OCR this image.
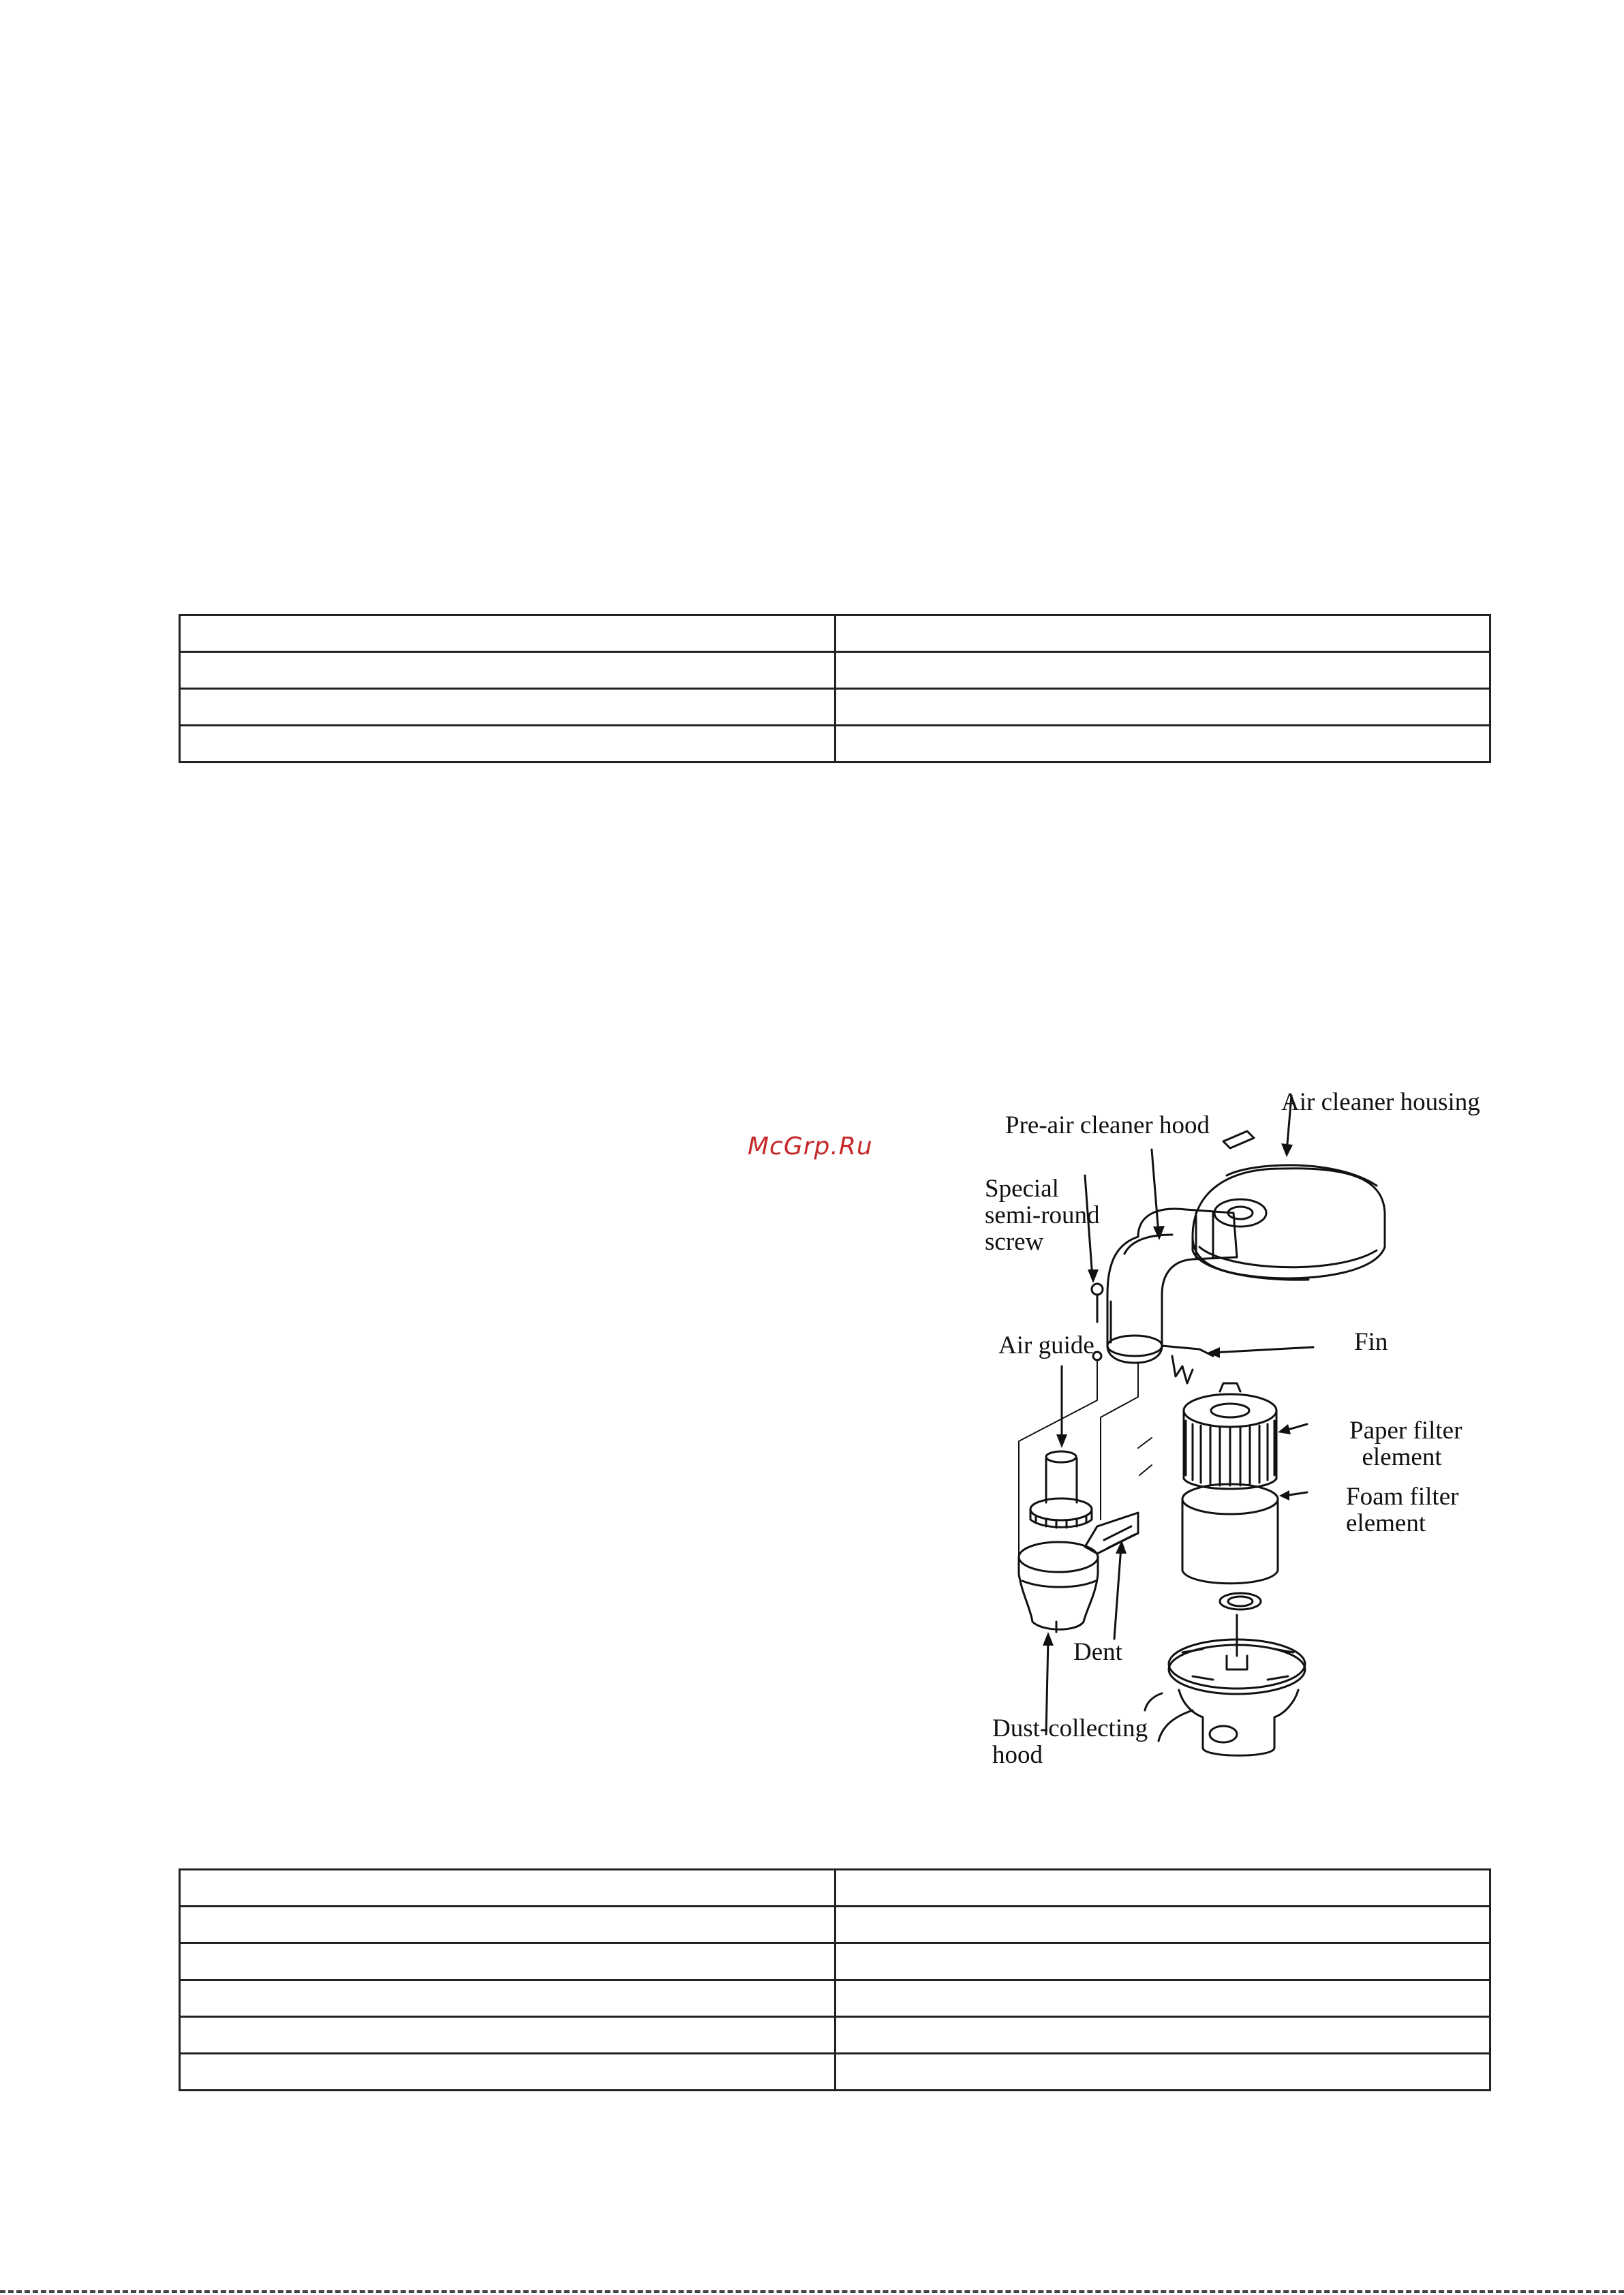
McGrp.Ru
Air cleaner housing
Pre-air cleaner hood
Special
semi-round
screw
Air guide	Fin
Paper filter
element
Foam filter
element
Dent
Dust-collecting
hood
